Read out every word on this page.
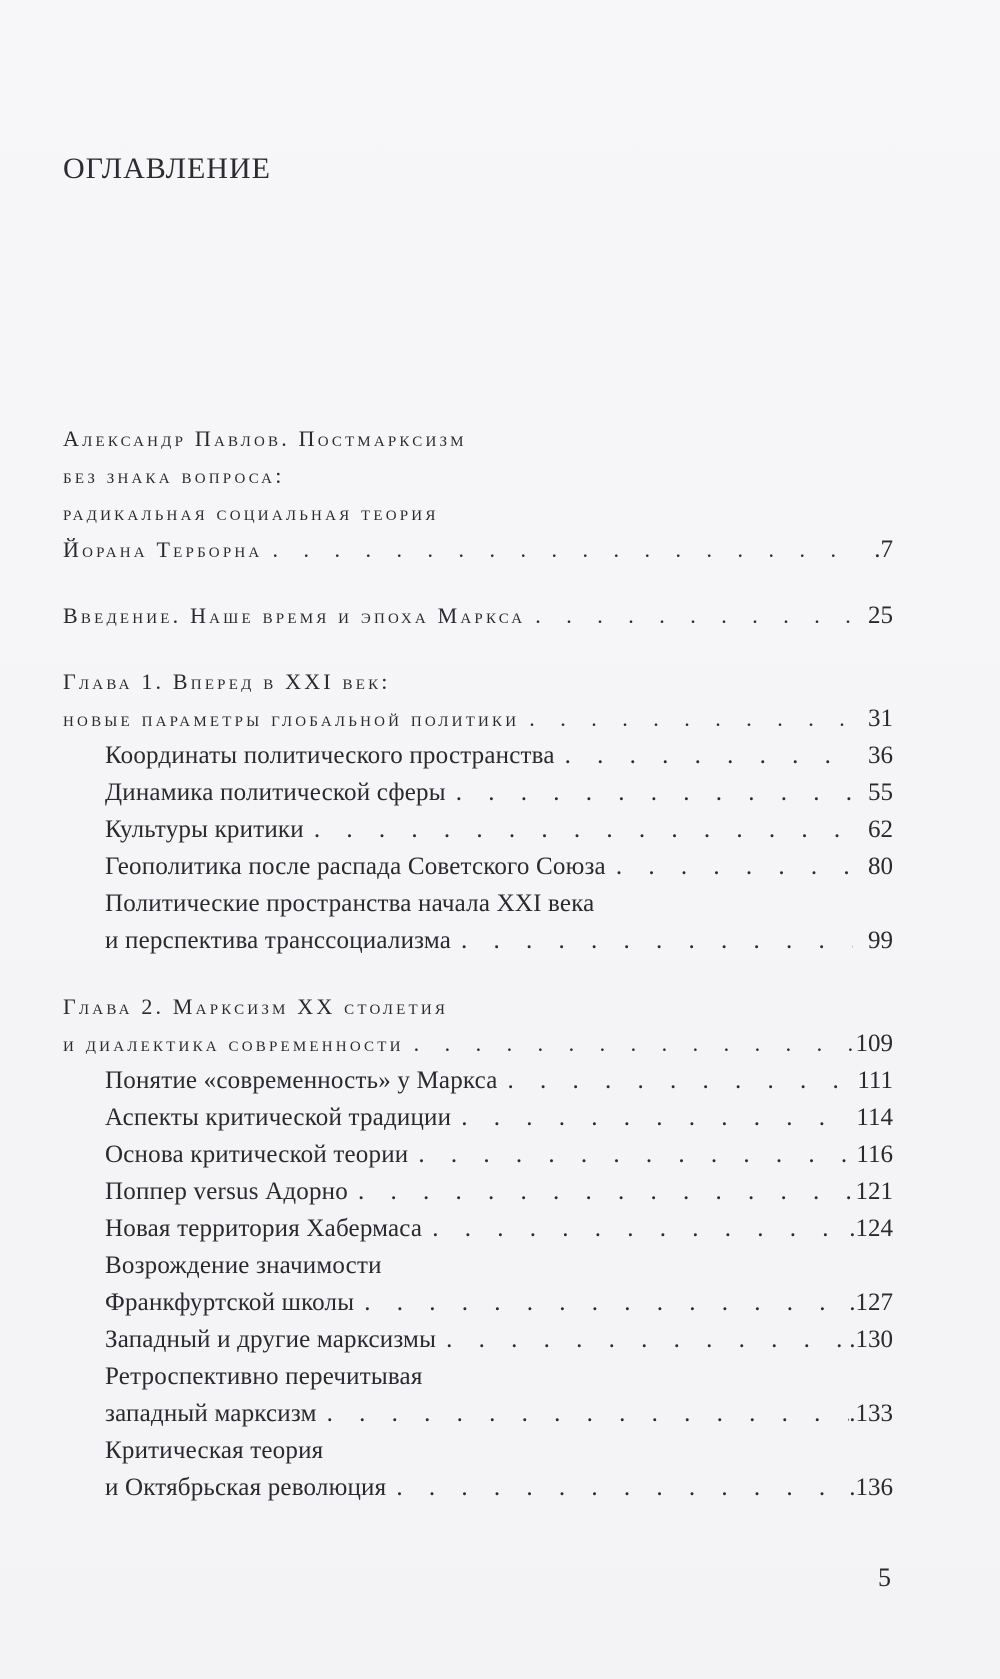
ОГЛАВЛЕНИЕ
Александр Павлов. Постмарксизм
без знака вопроса:
радикальная социальная теория
Йорана Терборна . . .	.7
Введение. Наше время и эпоха Маркса . . .	25
Глава 1. Вперед в XXI век:
новые параметры глобальной политики . . .	31
Координаты политического пространства . . .	36
Динамика политической сферы . . .	55
Культуры критики . . .	62
Геополитика после распада Советского Союза . . .	80
Политические пространства начала XXI века
и перспектива транссоциализма . . .	99
Глава 2. Марксизм XX столетия
и диалектика современности . . .	109
Понятие «современность» у Маркса . . .	111
Аспекты критической традиции . . .	114
Основа критической теории . . .	116
Поппер versus Адорно . . .	121
Новая территория Хабермаса . . .	.124
Возрождение значимости
Франкфуртской школы . . .	.127
Западный и другие марксизмы . . .	.130
Ретроспективно перечитывая
западный марксизм . . .	.133
Критическая теория
и Октябрьская революция . . .	.136
5
